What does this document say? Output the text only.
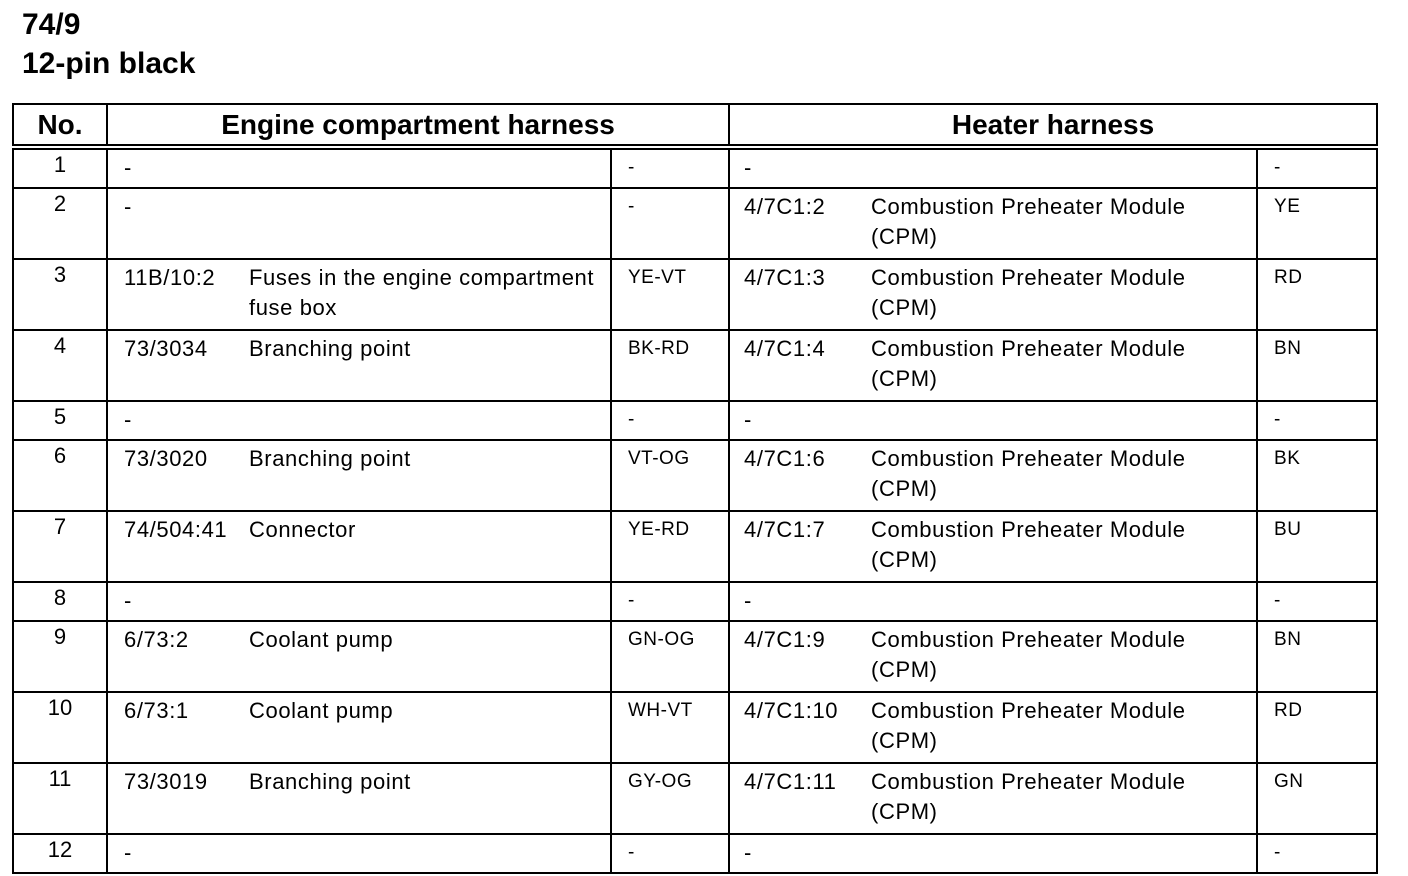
74/9
12-pin black
No.	Engine compartment harness			Heater harness		
1	-		-	-		-
2	-		-	4/7C1:2	Combustion Preheater Module (CPM)	YE
3	11B/10:2	Fuses in the engine compartment fuse box	YE-VT	4/7C1:3	Combustion Preheater Module (CPM)	RD
4	73/3034	Branching point	BK-RD	4/7C1:4	Combustion Preheater Module (CPM)	BN
5	-		-	-		-
6	73/3020	Branching point	VT-OG	4/7C1:6	Combustion Preheater Module (CPM)	BK
7	74/504:41	Connector	YE-RD	4/7C1:7	Combustion Preheater Module (CPM)	BU
8	-		-	-		-
9	6/73:2	Coolant pump	GN-OG	4/7C1:9	Combustion Preheater Module (CPM)	BN
10	6/73:1	Coolant pump	WH-VT	4/7C1:10	Combustion Preheater Module (CPM)	RD
11	73/3019	Branching point	GY-OG	4/7C1:11	Combustion Preheater Module (CPM)	GN
12	-		-	-		-
